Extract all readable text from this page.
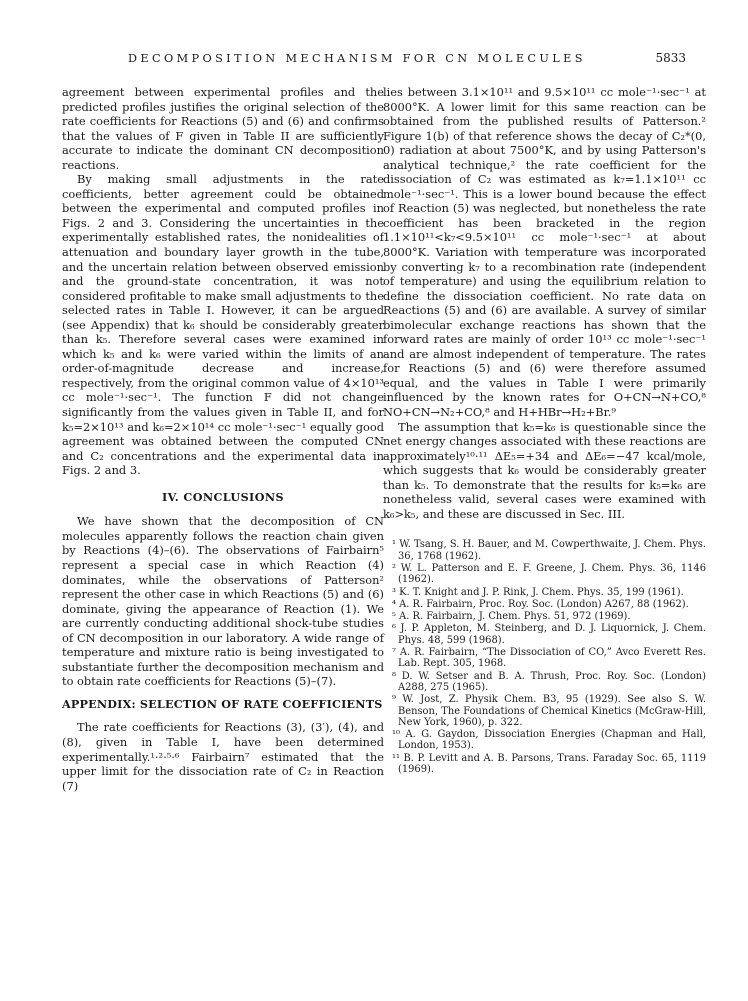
DECOMPOSITION MECHANISM FOR CN MOLECULES	5833

agreement between experimental profiles and the predicted profiles justifies the original selection of the rate coefficients for Reactions (5) and (6) and confirms that the values of F given in Table II are sufficiently accurate to indicate the dominant CN decomposition reactions.

By making small adjustments in the rate coefficients, better agreement could be obtained between the experimental and computed profiles in Figs. 2 and 3. Considering the uncertainties in the experimentally established rates, the nonidealities of attenuation and boundary layer growth in the tube, and the uncertain relation between observed emission and the ground-state concentration, it was not considered profitable to make small adjustments to the selected rates in Table I. However, it can be argued (see Appendix) that k₆ should be considerably greater than k₅. Therefore several cases were examined in which k₅ and k₆ were varied within the limits of an order-of-magnitude decrease and increase, respectively, from the original common value of 4×10¹³ cc mole⁻¹·sec⁻¹. The function F did not change significantly from the values given in Table II, and for k₅=2×10¹³ and k₆=2×10¹⁴ cc mole⁻¹·sec⁻¹ equally good agreement was obtained between the computed CN and C₂ concentrations and the experimental data in Figs. 2 and 3.

IV. CONCLUSIONS

We have shown that the decomposition of CN molecules apparently follows the reaction chain given by Reactions (4)–(6). The observations of Fairbairn⁵ represent a special case in which Reaction (4) dominates, while the observations of Patterson² represent the other case in which Reactions (5) and (6) dominate, giving the appearance of Reaction (1). We are currently conducting additional shock-tube studies of CN decomposition in our laboratory. A wide range of temperature and mixture ratio is being investigated to substantiate further the decomposition mechanism and to obtain rate coefficients for Reactions (5)–(7).

APPENDIX: SELECTION OF RATE COEFFICIENTS

The rate coefficients for Reactions (3), (3′), (4), and (8), given in Table I, have been determined experimentally.¹·²·⁵·⁶ Fairbairn⁷ estimated that the upper limit for the dissociation rate of C₂ in Reaction (7)

lies between 3.1×10¹¹ and 9.5×10¹¹ cc mole⁻¹·sec⁻¹ at 8000°K. A lower limit for this same reaction can be obtained from the published results of Patterson.² Figure 1(b) of that reference shows the decay of C₂*(0, 0) radiation at about 7500°K, and by using Patterson's analytical technique,² the rate coefficient for the dissociation of C₂ was estimated as k₇=1.1×10¹¹ cc mole⁻¹·sec⁻¹. This is a lower bound because the effect of Reaction (5) was neglected, but nonetheless the rate coefficient has been bracketed in the region 1.1×10¹¹<k₇<9.5×10¹¹ cc mole⁻¹·sec⁻¹ at about 8000°K. Variation with temperature was incorporated by converting k₇ to a recombination rate (independent of temperature) and using the equilibrium relation to define the dissociation coefficient. No rate data on Reactions (5) and (6) are available. A survey of similar bimolecular exchange reactions has shown that the forward rates are mainly of order 10¹³ cc mole⁻¹·sec⁻¹ and are almost independent of temperature. The rates for Reactions (5) and (6) were therefore assumed equal, and the values in Table I were primarily influenced by the known rates for O+CN→N+CO,⁸ NO+CN→N₂+CO,⁸ and H+HBr→H₂+Br.⁹

The assumption that k₅=k₆ is questionable since the net energy changes associated with these reactions are approximately¹⁰·¹¹ ΔE₅=+34 and ΔE₆=−47 kcal/mole, which suggests that k₆ would be considerably greater than k₅. To demonstrate that the results for k₅=k₆ are nonetheless valid, several cases were examined with k₆>k₅, and these are discussed in Sec. III.

¹ W. Tsang, S. H. Bauer, and M. Cowperthwaite, J. Chem. Phys. 36, 1768 (1962).

² W. L. Patterson and E. F. Greene, J. Chem. Phys. 36, 1146 (1962).

³ K. T. Knight and J. P. Rink, J. Chem. Phys. 35, 199 (1961).

⁴ A. R. Fairbairn, Proc. Roy. Soc. (London) A267, 88 (1962).

⁵ A. R. Fairbairn, J. Chem. Phys. 51, 972 (1969).

⁶ J. P. Appleton, M. Steinberg, and D. J. Liquornick, J. Chem. Phys. 48, 599 (1968).

⁷ A. R. Fairbairn, “The Dissociation of CO,” Avco Everett Res. Lab. Rept. 305, 1968.

⁸ D. W. Setser and B. A. Thrush, Proc. Roy. Soc. (London) A288, 275 (1965).

⁹ W. Jost, Z. Physik Chem. B3, 95 (1929). See also S. W. Benson, The Foundations of Chemical Kinetics (McGraw-Hill, New York, 1960), p. 322.

¹⁰ A. G. Gaydon, Dissociation Energies (Chapman and Hall, London, 1953).

¹¹ B. P. Levitt and A. B. Parsons, Trans. Faraday Soc. 65, 1119 (1969).
